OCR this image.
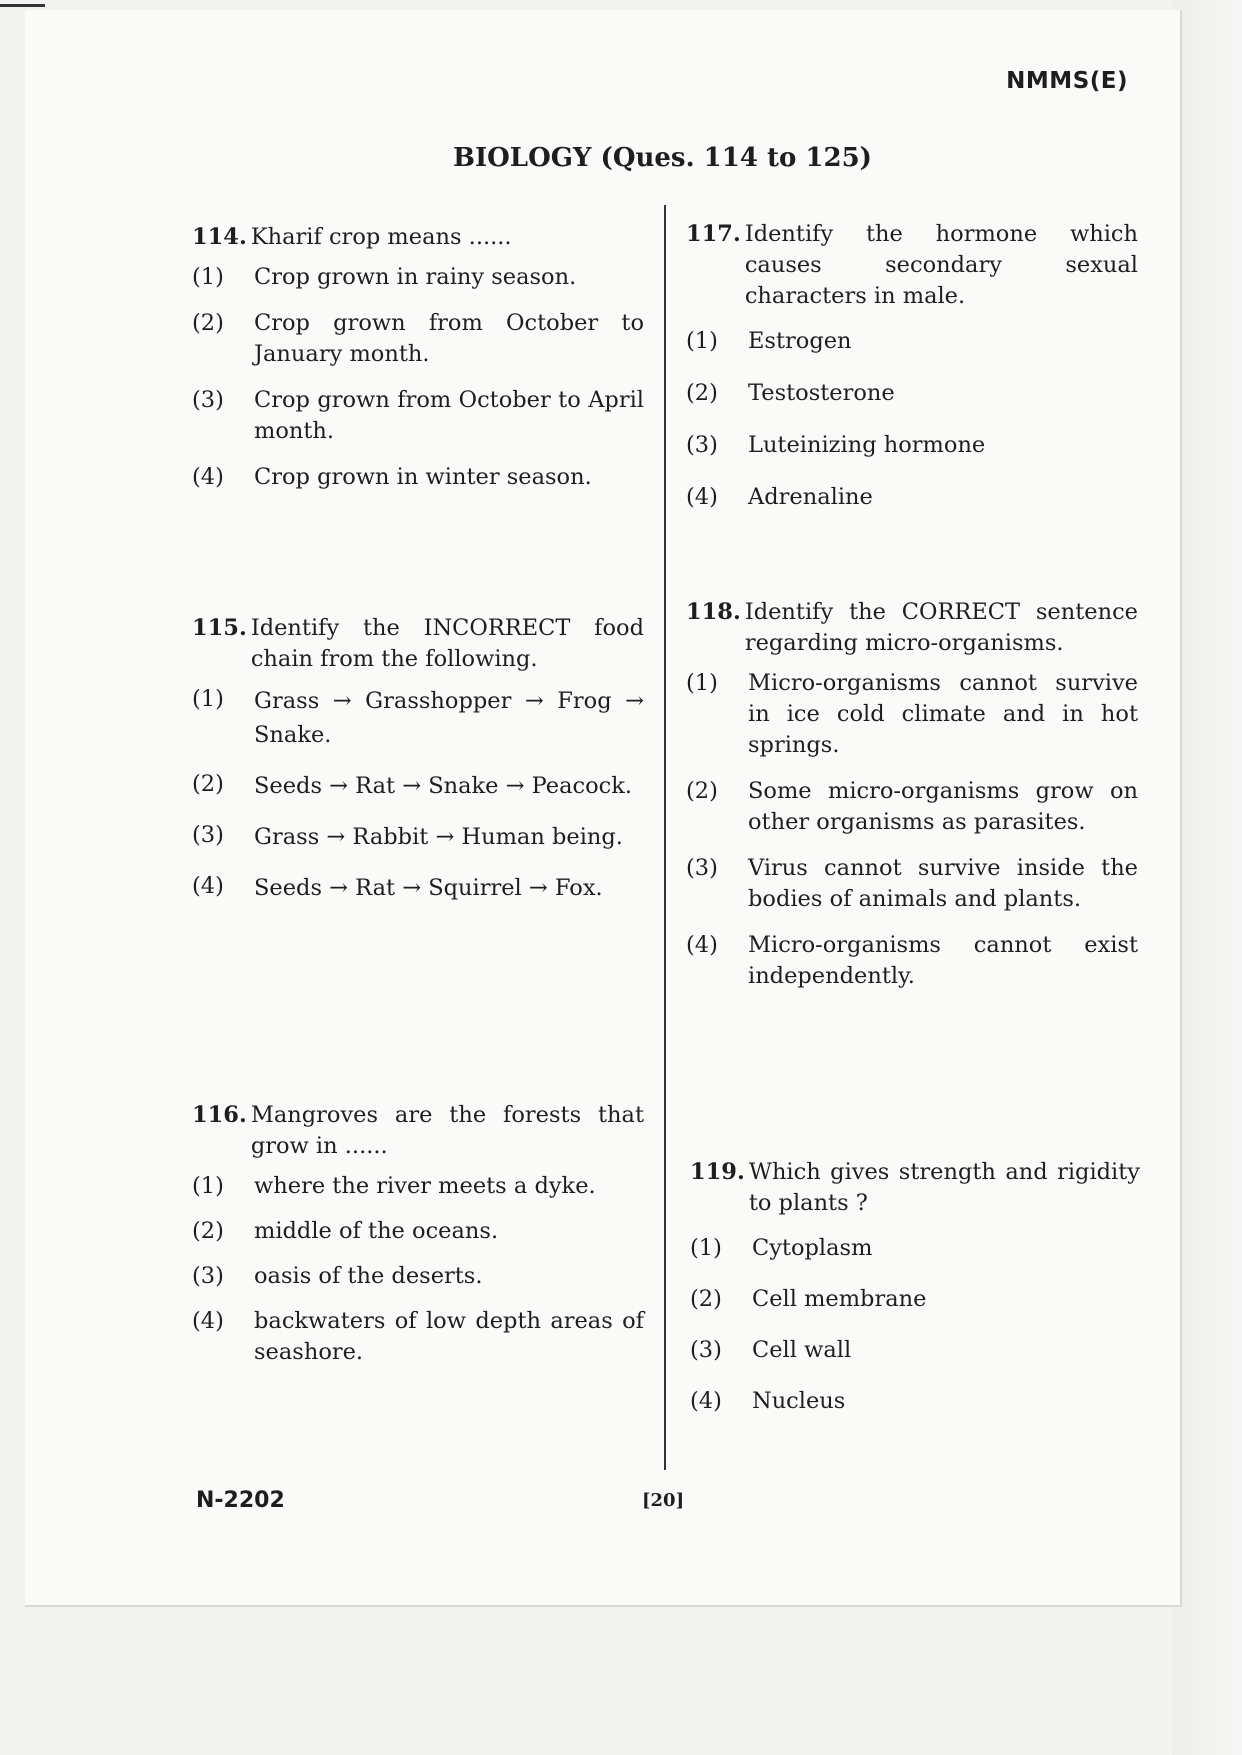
NMMS(E)
BIOLOGY (Ques. 114 to 125)
114. Kharif crop means ......
(1)	Crop grown in rainy season.
(2)	Crop grown from October to January month.
(3)	Crop grown from October to April month.
(4)	Crop grown in winter season.
115. Identify the INCORRECT food chain from the following.
(1)	Grass → Grasshopper → Frog → Snake.
(2)	Seeds → Rat → Snake → Peacock.
(3)	Grass → Rabbit → Human being.
(4)	Seeds → Rat → Squirrel → Fox.
116. Mangroves are the forests that grow in ......
(1)	where the river meets a dyke.
(2)	middle of the oceans.
(3)	oasis of the deserts.
(4)	backwaters of low depth areas of seashore.
117. Identify the hormone which causes secondary sexual characters in male.
(1)	Estrogen
(2)	Testosterone
(3)	Luteinizing hormone
(4)	Adrenaline
118. Identify the CORRECT sentence regarding micro-organisms.
(1)	Micro-organisms cannot survive in ice cold climate and in hot springs.
(2)	Some micro-organisms grow on other organisms as parasites.
(3)	Virus cannot survive inside the bodies of animals and plants.
(4)	Micro-organisms cannot exist independently.
119. Which gives strength and rigidity to plants ?
(1)	Cytoplasm
(2)	Cell membrane
(3)	Cell wall
(4)	Nucleus
N-2202	[20]
